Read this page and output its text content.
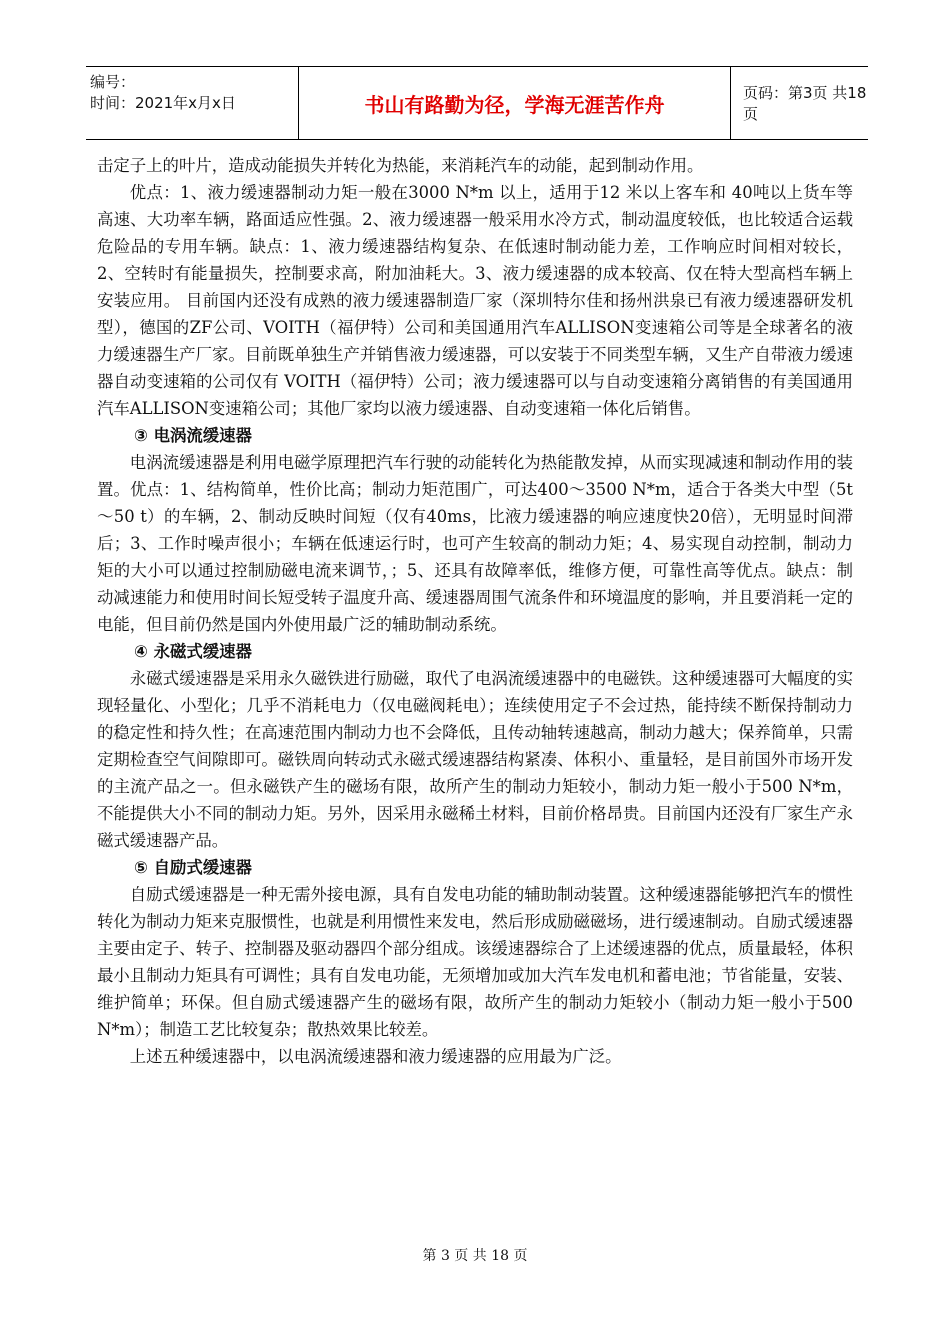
编号：
时间：2021年x月x日	书山有路勤为径，学海无涯苦作舟	页码：第3页 共18页

击定子上的叶片，造成动能损失并转化为热能，来消耗汽车的动能，起到制动作用。

优点：1、液力缓速器制动力矩一般在3000 N*m 以上，适用于12 米以上客车和 40吨以上货车等高速、大功率车辆，路面适应性强。2、液力缓速器一般采用水冷方式，制动温度较低，也比较适合运载危险品的专用车辆。缺点：1、液力缓速器结构复杂、在低速时制动能力差，工作响应时间相对较长，2、空转时有能量损失，控制要求高，附加油耗大。3、液力缓速器的成本较高、仅在特大型高档车辆上安装应用。 目前国内还没有成熟的液力缓速器制造厂家（深圳特尔佳和扬州洪泉已有液力缓速器研发机型），德国的ZF公司、VOITH（福伊特）公司和美国通用汽车ALLISON变速箱公司等是全球著名的液力缓速器生产厂家。目前既单独生产并销售液力缓速器，可以安装于不同类型车辆，又生产自带液力缓速器自动变速箱的公司仅有 VOITH（福伊特）公司；液力缓速器可以与自动变速箱分离销售的有美国通用汽车ALLISON变速箱公司；其他厂家均以液力缓速器、自动变速箱一体化后销售。

③ 电涡流缓速器

电涡流缓速器是利用电磁学原理把汽车行驶的动能转化为热能散发掉，从而实现减速和制动作用的装置。优点：1、结构简单，性价比高；制动力矩范围广，可达400～3500 N*m，适合于各类大中型（5t～50 t）的车辆，2、制动反映时间短（仅有40ms，比液力缓速器的响应速度快20倍），无明显时间滞后；3、工作时噪声很小；车辆在低速运行时，也可产生较高的制动力矩；4、易实现自动控制，制动力矩的大小可以通过控制励磁电流来调节，；5、还具有故障率低，维修方便，可靠性高等优点。缺点：制动减速能力和使用时间长短受转子温度升高、缓速器周围气流条件和环境温度的影响，并且要消耗一定的电能，但目前仍然是国内外使用最广泛的辅助制动系统。

④ 永磁式缓速器

永磁式缓速器是采用永久磁铁进行励磁，取代了电涡流缓速器中的电磁铁。这种缓速器可大幅度的实现轻量化、小型化；几乎不消耗电力（仅电磁阀耗电）；连续使用定子不会过热，能持续不断保持制动力的稳定性和持久性；在高速范围内制动力也不会降低，且传动轴转速越高，制动力越大；保养简单，只需定期检查空气间隙即可。磁铁周向转动式永磁式缓速器结构紧凑、体积小、重量轻，是目前国外市场开发的主流产品之一。但永磁铁产生的磁场有限，故所产生的制动力矩较小，制动力矩一般小于500 N*m，不能提供大小不同的制动力矩。另外，因采用永磁稀土材料，目前价格昂贵。目前国内还没有厂家生产永磁式缓速器产品。

⑤ 自励式缓速器

自励式缓速器是一种无需外接电源，具有自发电功能的辅助制动装置。这种缓速器能够把汽车的惯性转化为制动力矩来克服惯性，也就是利用惯性来发电，然后形成励磁磁场，进行缓速制动。自励式缓速器主要由定子、转子、控制器及驱动器四个部分组成。该缓速器综合了上述缓速器的优点，质量最轻，体积最小且制动力矩具有可调性；具有自发电功能，无须增加或加大汽车发电机和蓄电池；节省能量，安装、维护简单；环保。但自励式缓速器产生的磁场有限，故所产生的制动力矩较小（制动力矩一般小于500 N*m）；制造工艺比较复杂；散热效果比较差。

上述五种缓速器中，以电涡流缓速器和液力缓速器的应用最为广泛。

第 3 页 共 18 页
